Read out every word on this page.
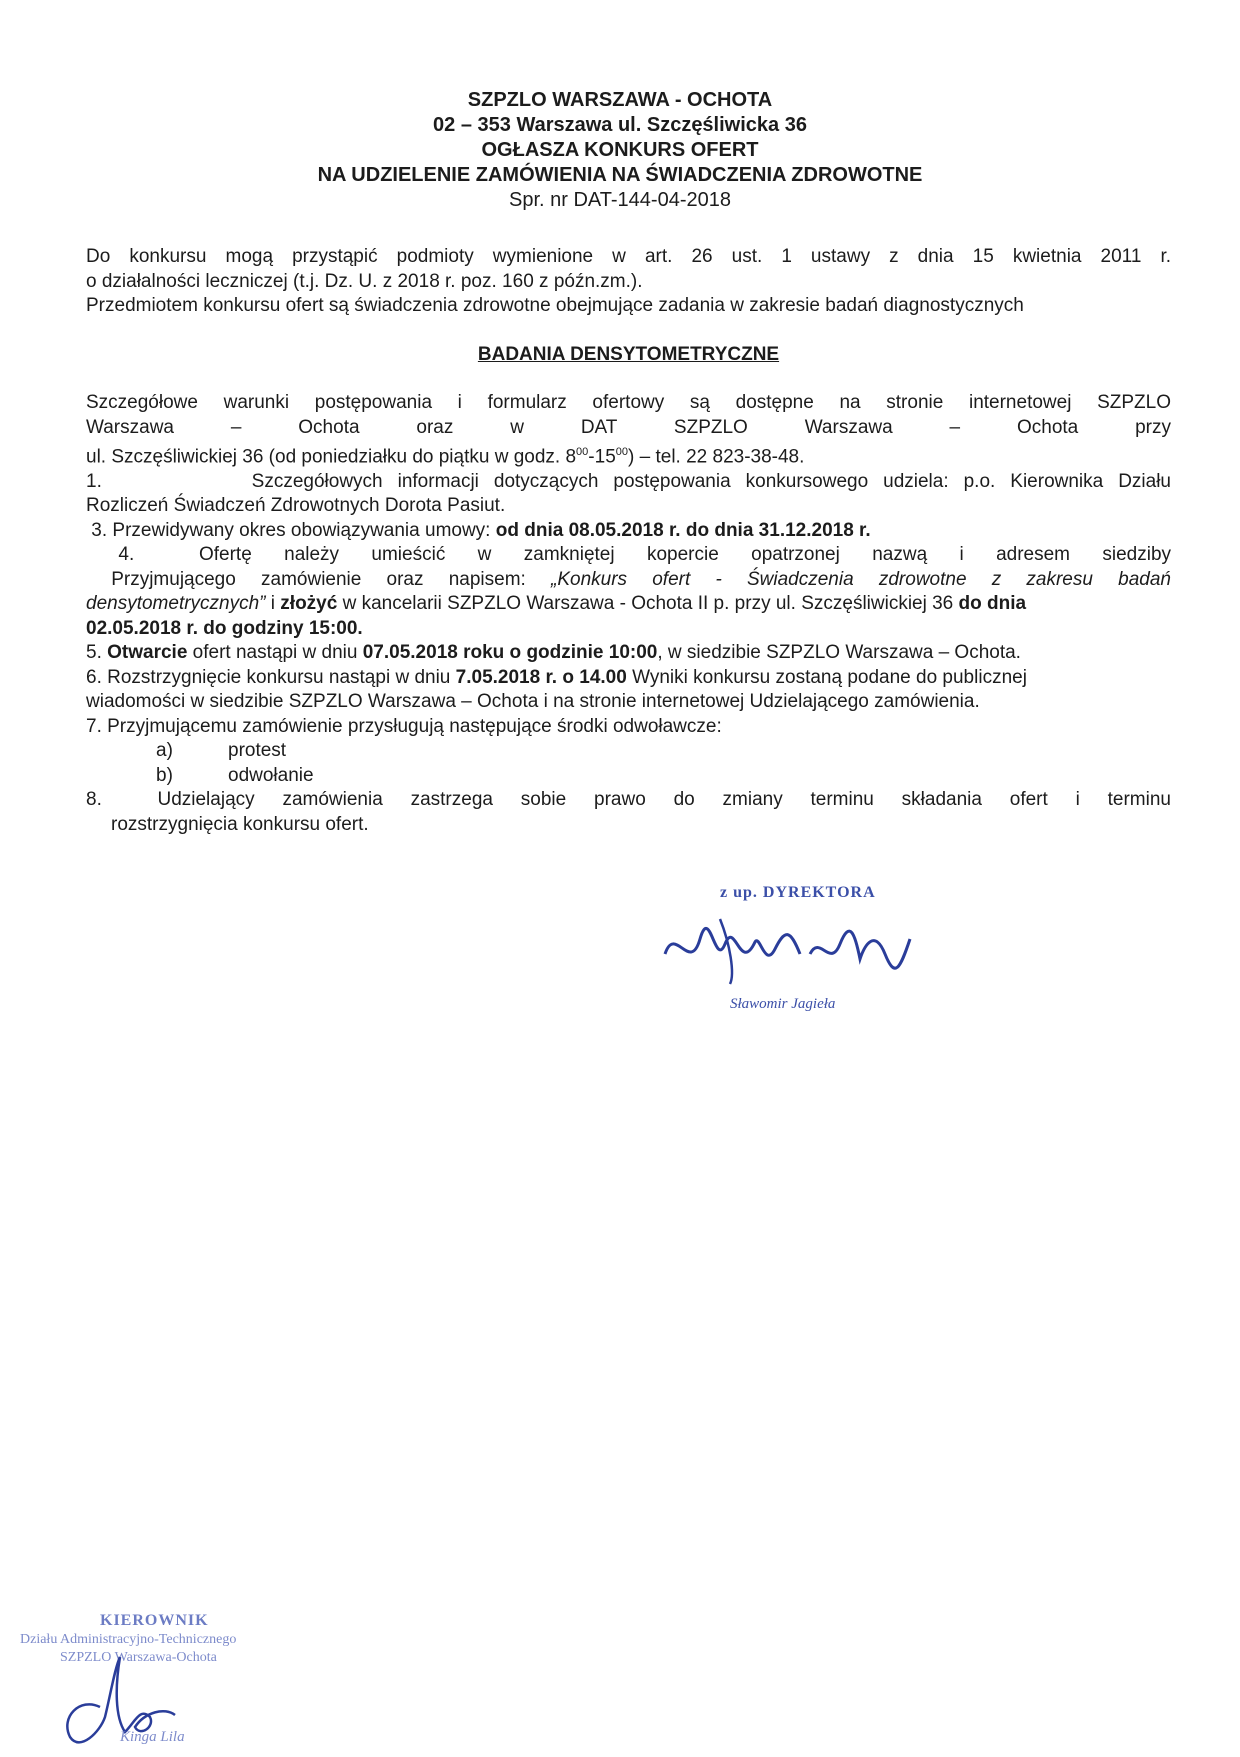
SZPZLO WARSZAWA - OCHOTA
02 – 353 Warszawa ul. Szczęśliwicka 36
OGŁASZA KONKURS OFERT
NA UDZIELENIE ZAMÓWIENIA NA ŚWIADCZENIA ZDROWOTNE
Spr. nr DAT-144-04-2018

Do konkursu mogą przystąpić podmioty wymienione w art. 26 ust. 1 ustawy z dnia 15 kwietnia 2011 r.

o działalności leczniczej (t.j. Dz. U. z 2018 r. poz. 160 z późn.zm.).

Przedmiotem konkursu ofert są świadczenia zdrowotne obejmujące zadania w zakresie badań diagnostycznych

BADANIA DENSYTOMETRYCZNE

Szczegółowe warunki postępowania i formularz ofertowy są dostępne na stronie internetowej SZPZLO

Warszawa – Ochota oraz w DAT SZPZLO Warszawa – Ochota przy

ul. Szczęśliwickiej 36 (od poniedziałku do piątku w godz. $8^{00}-15^{00}$) – tel. 22 823-38-48.

1.	Szczegółowych informacji dotyczących postępowania konkursowego udziela: p.o. Kierownika Działu

Rozliczeń Świadczeń Zdrowotnych Dorota Pasiut.

3. Przewidywany okres obowiązywania umowy: od dnia 08.05.2018 r. do dnia 31.12.2018 r.

4.	Ofertę należy umieścić w zamkniętej kopercie opatrzonej nazwą i adresem siedziby

Przyjmującego zamówienie oraz napisem: „Konkurs ofert - Świadczenia zdrowotne z zakresu badań

densytometrycznych” i złożyć w kancelarii SZPZLO Warszawa - Ochota II p. przy ul. Szczęśliwickiej 36 do dnia

02.05.2018 r. do godziny 15:00.

5. Otwarcie ofert nastąpi w dniu 07.05.2018 roku o godzinie 10:00, w siedzibie SZPZLO Warszawa – Ochota.

6. Rozstrzygnięcie konkursu nastąpi w dniu 7.05.2018 r. o 14.00 Wyniki konkursu zostaną podane do publicznej

wiadomości w siedzibie SZPZLO Warszawa – Ochota i na stronie internetowej Udzielającego zamówienia.

7. Przyjmującemu zamówienie przysługują następujące środki odwoławcze:

a)	protest

b)	odwołanie

8.	Udzielający zamówienia zastrzega sobie prawo do zmiany terminu składania ofert i terminu

rozstrzygnięcia konkursu ofert.

z up. DYREKTORA
Sławomir Jagieła
KIEROWNIK
Działu Administracyjno-Technicznego
SZPZLO Warszawa-Ochota
Kinga Lila
